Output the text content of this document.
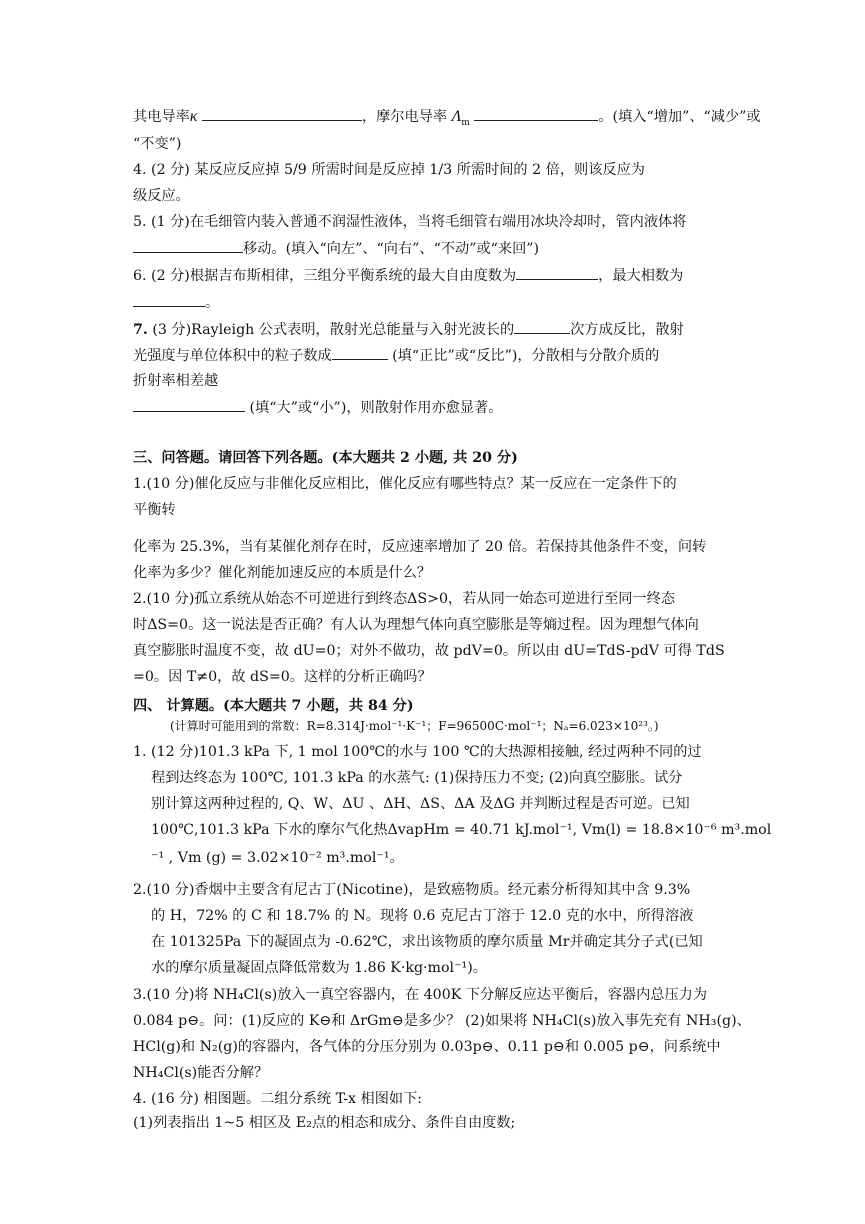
其电导率κ	，摩尔电导率 $\Lambda_m$	。(填入“增加”、“减少”或
“不变”)
4. (2 分) 某反应反应掉 5/9 所需时间是反应掉 1/3 所需时间的 2 倍，则该反应为
级反应。
5. (1 分)在毛细管内装入普通不润湿性液体，当将毛细管右端用冰块冷却时，管内液体将
移动。(填入“向左”、“向右”、“不动”或“来回”)
6. (2 分)根据吉布斯相律，三组分平衡系统的最大自由度数为	，最大相数为
。
7. (3 分)Rayleigh 公式表明，散射光总能量与入射光波长的	次方成反比，散射
光强度与单位体积中的粒子数成	(填“正比”或“反比”)，分散相与分散介质的
折射率相差越
(填“大”或“小”)，则散射作用亦愈显著。
三、问答题。请回答下列各题。(本大题共 2 小题, 共 20 分)
1.(10 分)催化反应与非催化反应相比，催化反应有哪些特点？某一反应在一定条件下的
平衡转
化率为 25.3%，当有某催化剂存在时，反应速率增加了 20 倍。若保持其他条件不变，问转
化率为多少？催化剂能加速反应的本质是什么？
2.(10 分)孤立系统从始态不可逆进行到终态ΔS>0，若从同一始态可逆进行至同一终态
时ΔS=0。这一说法是否正确？有人认为理想气体向真空膨胀是等熵过程。因为理想气体向
真空膨胀时温度不变，故 dU=0；对外不做功，故 pdV=0。所以由 dU=TdS-pdV 可得 TdS
=0。因 T≠0，故 dS=0。这样的分析正确吗？
四、 计算题。(本大题共 7 小题，共 84 分)
(计算时可能用到的常数：R=8.314J·mol⁻¹·K⁻¹；F=96500C·mol⁻¹；Nₐ=6.023×10²³。)
1. (12 分)101.3 kPa 下, 1 mol 100℃的水与 100 ℃的大热源相接触, 经过两种不同的过
程到达终态为 100℃, 101.3 kPa 的水蒸气: (1)保持压力不变; (2)向真空膨胀。试分
别计算这两种过程的, Q、W、ΔU 、ΔH、ΔS、ΔA 及ΔG 并判断过程是否可逆。已知
100℃,101.3 kPa 下水的摩尔气化热ΔvapHm = 40.71 kJ.mol⁻¹, Vm(l) = 18.8×10⁻⁶ m³.mol
⁻¹ , Vm (g) = 3.02×10⁻² m³.mol⁻¹。
2.(10 分)香烟中主要含有尼古丁(Nicotine)，是致癌物质。经元素分析得知其中含 9.3%
的 H，72% 的 C 和 18.7% 的 N。现将 0.6 克尼古丁溶于 12.0 克的水中，所得溶液
在 101325Pa 下的凝固点为 -0.62℃，求出该物质的摩尔质量 Mr并确定其分子式(已知
水的摩尔质量凝固点降低常数为 1.86 K·kg·mol⁻¹)。
3.(10 分)将 NH₄Cl(s)放入一真空容器内，在 400K 下分解反应达平衡后，容器内总压力为
0.084 p⊖。问：(1)反应的 K⊖和 ΔrGm⊖是多少？ (2)如果将 NH₄Cl(s)放入事先充有 NH₃(g)、
HCl(g)和 N₂(g)的容器内，各气体的分压分别为 0.03p⊖、0.11 p⊖和 0.005 p⊖，问系统中
NH₄Cl(s)能否分解？
4. (16 分) 相图题。二组分系统 T-x 相图如下:
(1)列表指出 1~5 相区及 E₂点的相态和成分、条件自由度数;
